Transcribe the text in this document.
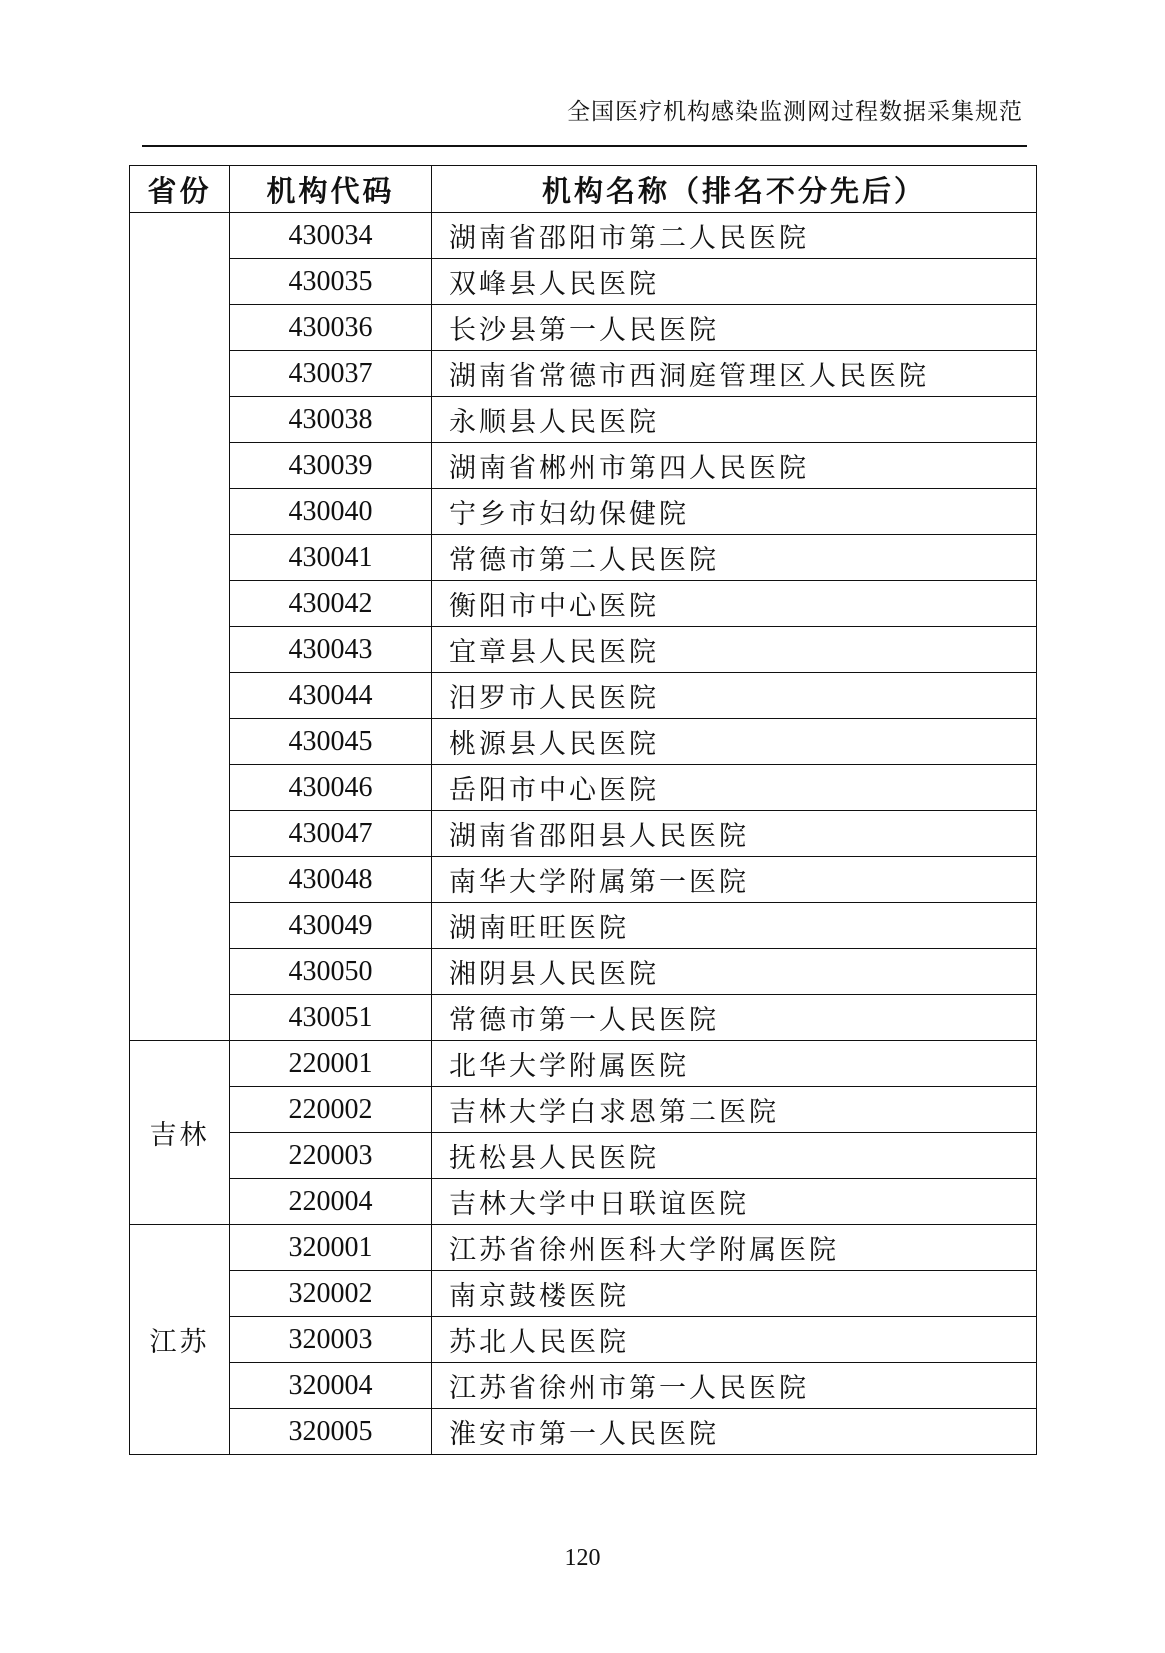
全国医疗机构感染监测网过程数据采集规范
省份	机构代码	机构名称（排名不分先后）
	430034	湖南省邵阳市第二人民医院
	430035	双峰县人民医院
	430036	长沙县第一人民医院
	430037	湖南省常德市西洞庭管理区人民医院
	430038	永顺县人民医院
	430039	湖南省郴州市第四人民医院
	430040	宁乡市妇幼保健院
	430041	常德市第二人民医院
	430042	衡阳市中心医院
	430043	宜章县人民医院
	430044	汨罗市人民医院
	430045	桃源县人民医院
	430046	岳阳市中心医院
	430047	湖南省邵阳县人民医院
	430048	南华大学附属第一医院
	430049	湖南旺旺医院
	430050	湘阴县人民医院
	430051	常德市第一人民医院
吉林	220001	北华大学附属医院
	220002	吉林大学白求恩第二医院
	220003	抚松县人民医院
	220004	吉林大学中日联谊医院
江苏	320001	江苏省徐州医科大学附属医院
	320002	南京鼓楼医院
	320003	苏北人民医院
	320004	江苏省徐州市第一人民医院
	320005	淮安市第一人民医院
120
